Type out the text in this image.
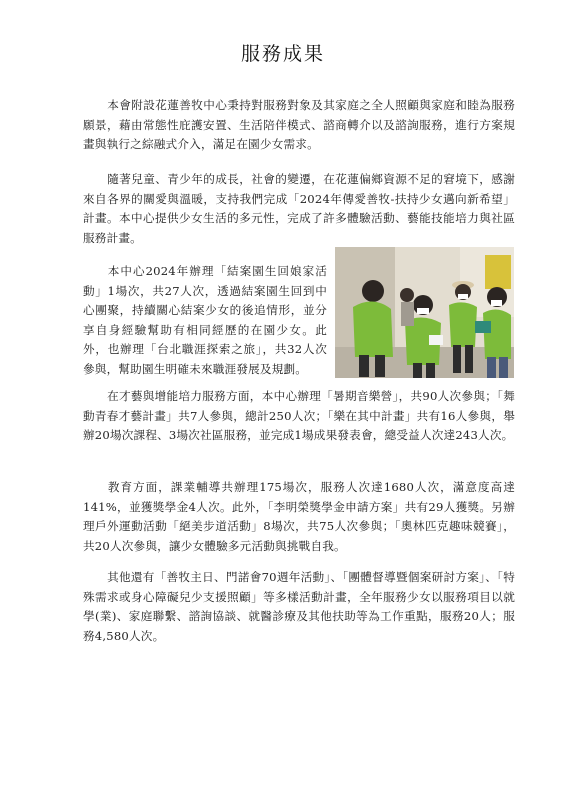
服務成果
本會附設花蓮善牧中心秉持對服務對象及其家庭之全人照顧與家庭和睦為服務願景，藉由常態性庇護安置、生活陪伴模式、諮商轉介以及諮詢服務，進行方案規畫與執行之綜融式介入，滿足在園少女需求。
隨著兒童、青少年的成長，社會的變遷，在花蓮偏鄉資源不足的窘境下，感謝來自各界的關愛與溫暖，支持我們完成「2024年傳愛善牧-扶持少女邁向新希望」計畫。本中心提供少女生活的多元性，完成了許多體驗活動、藝能技能培力與社區服務計畫。
本中心2024年辦理「結案園生回娘家活動」1場次，共27人次，透過結案園生回到中心團聚，持續關心結案少女的後追情形，並分享自身經驗幫助有相同經歷的在園少女。此外，也辦理「台北職涯探索之旅」，共32人次參與，幫助園生明確未來職涯發展及規劃。
在才藝與增能培力服務方面，本中心辦理「暑期音樂營」，共90人次參與；「舞動青春才藝計畫」共7人參與，總計250人次；「樂在其中計畫」共有16人參與，舉辦20場次課程、3場次社區服務，並完成1場成果發表會，總受益人次達243人次。
教育方面，課業輔導共辦理175場次，服務人次達1680人次，滿意度高達141%，並獲獎學金4人次。此外，「李明榮獎學金申請方案」共有29人獲獎。另辦理戶外運動活動「絕美步道活動」8場次，共75人次參與；「奧林匹克趣味競賽」，共20人次參與，讓少女體驗多元活動與挑戰自我。
其他還有「善牧主日、門諾會70週年活動」、「團體督導暨個案研討方案」、「特殊需求或身心障礙兒少支援照顧」等多樣活動計畫，全年服務少女以服務項目以就學(業)、家庭聯繫、諮詢協談、就醫診療及其他扶助等為工作重點，服務20人；服務4,580人次。
